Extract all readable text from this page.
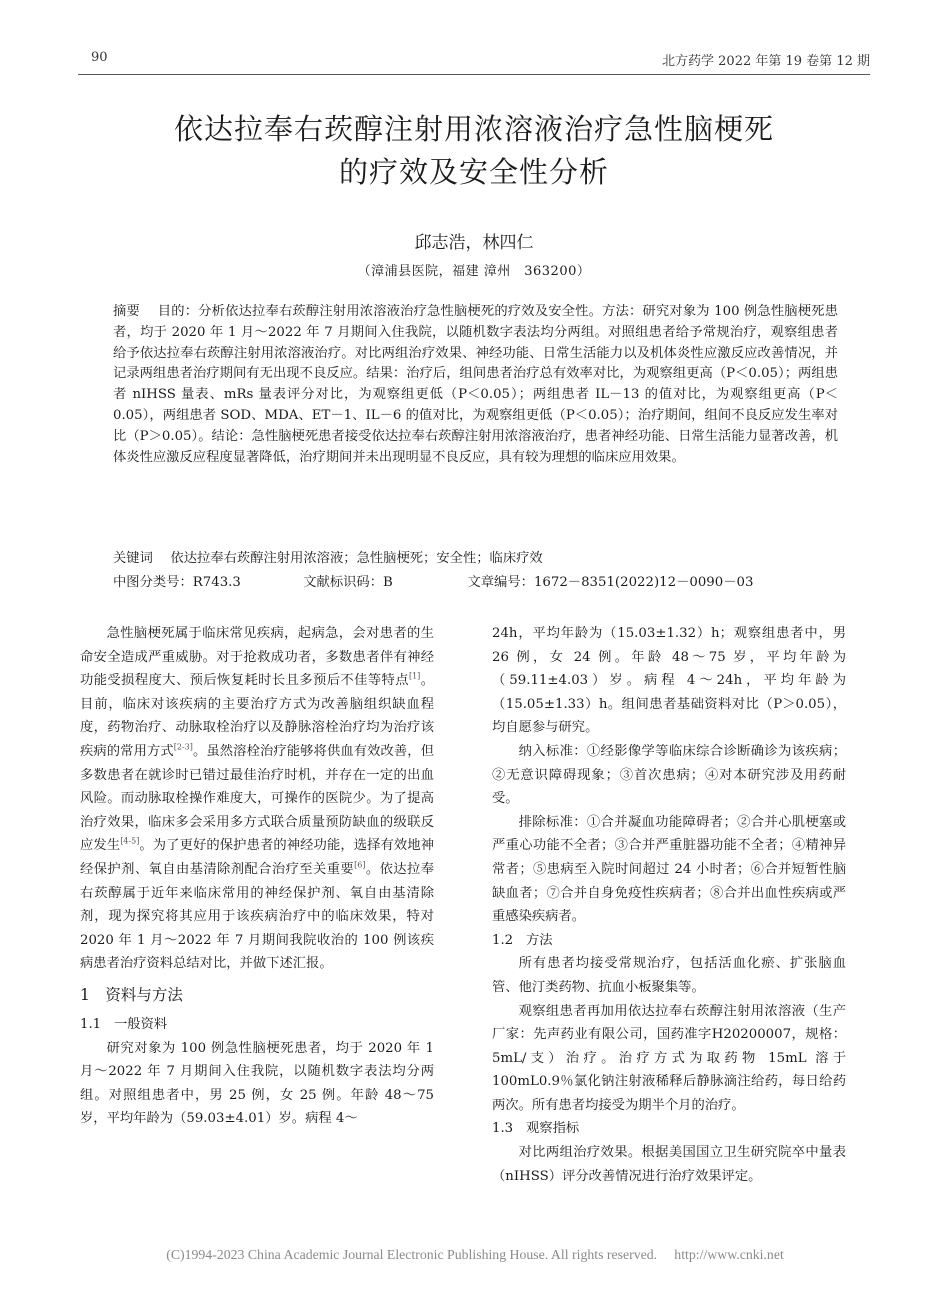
90	北方药学 2022 年第 19 卷第 12 期
依达拉奉右莰醇注射用浓溶液治疗急性脑梗死
的疗效及安全性分析
邱志浩，林四仁
（漳浦县医院，福建 漳州　363200）
摘要　 目的：分析依达拉奉右莰醇注射用浓溶液治疗急性脑梗死的疗效及安全性。方法：研究对象为 100 例急性脑梗死患者，均于 2020 年 1 月～2022 年 7 月期间入住我院，以随机数字表法均分两组。对照组患者给予常规治疗，观察组患者给予依达拉奉右莰醇注射用浓溶液治疗。对比两组治疗效果、神经功能、日常生活能力以及机体炎性应激反应改善情况，并记录两组患者治疗期间有无出现不良反应。结果：治疗后，组间患者治疗总有效率对比，为观察组更高（P＜0.05）；两组患者 nIHSS 量表、mRs 量表评分对比，为观察组更低（P＜0.05）；两组患者 IL－13 的值对比，为观察组更高（P＜0.05），两组患者 SOD、MDA、ET－1、IL－6 的值对比，为观察组更低（P＜0.05）；治疗期间，组间不良反应发生率对比（P＞0.05）。结论：急性脑梗死患者接受依达拉奉右莰醇注射用浓溶液治疗，患者神经功能、日常生活能力显著改善，机体炎性应激反应程度显著降低，治疗期间并未出现明显不良反应，具有较为理想的临床应用效果。
关键词　 依达拉奉右莰醇注射用浓溶液；急性脑梗死；安全性；临床疗效
中图分类号：R743.3	文献标识码：B	文章编号：1672－8351(2022)12－0090－03

急性脑梗死属于临床常见疾病，起病急，会对患者的生命安全造成严重威胁。对于抢救成功者，多数患者伴有神经功能受损程度大、预后恢复耗时长且多预后不佳等特点[1]。目前，临床对该疾病的主要治疗方式为改善脑组织缺血程度，药物治疗、动脉取栓治疗以及静脉溶栓治疗均为治疗该疾病的常用方式[2-3]。虽然溶栓治疗能够将供血有效改善，但多数患者在就诊时已错过最佳治疗时机，并存在一定的出血风险。而动脉取栓操作难度大，可操作的医院少。为了提高治疗效果，临床多会采用多方式联合质量预防缺血的级联反应发生[4-5]。为了更好的保护患者的神经功能，选择有效地神经保护剂、氧自由基清除剂配合治疗至关重要[6]。依达拉奉右莰醇属于近年来临床常用的神经保护剂、氧自由基清除剂，现为探究将其应用于该疾病治疗中的临床效果，特对 2020 年 1 月～2022 年 7 月期间我院收治的 100 例该疾病患者治疗资料总结对比，并做下述汇报。

1　资料与方法
1.1 一般资料

研究对象为 100 例急性脑梗死患者，均于 2020 年 1 月～2022 年 7 月期间入住我院，以随机数字表法均分两组。对照组患者中，男 25 例，女 25 例。年龄 48～75 岁，平均年龄为（59.03±4.01）岁。病程 4～

24h，平均年龄为（15.03±1.32）h；观察组患者中，男 26 例，女 24 例。年龄 48～75 岁，平均年龄为（59.11±4.03）岁。病程 4～24h，平均年龄为（15.05±1.33）h。组间患者基础资料对比（P＞0.05），均自愿参与研究。

纳入标准：①经影像学等临床综合诊断确诊为该疾病；②无意识障碍现象；③首次患病；④对本研究涉及用药耐受。

排除标准：①合并凝血功能障碍者；②合并心肌梗塞或严重心功能不全者；③合并严重脏器功能不全者；④精神异常者；⑤患病至入院时间超过 24 小时者；⑥合并短暂性脑缺血者；⑦合并自身免疫性疾病者；⑧合并出血性疾病或严重感染疾病者。

1.2 方法

所有患者均接受常规治疗，包括活血化瘀、扩张脑血管、他汀类药物、抗血小板聚集等。

观察组患者再加用依达拉奉右莰醇注射用浓溶液（生产厂家：先声药业有限公司，国药准字H20200007，规格：5mL/支）治疗。治疗方式为取药物 15mL 溶于 100mL0.9％氯化钠注射液稀释后静脉滴注给药，每日给药两次。所有患者均接受为期半个月的治疗。

1.3 观察指标

对比两组治疗效果。根据美国国立卫生研究院卒中量表（nIHSS）评分改善情况进行治疗效果评定。

(C)1994-2023 China Academic Journal Electronic Publishing House. All rights reserved.　 http://www.cnki.net
